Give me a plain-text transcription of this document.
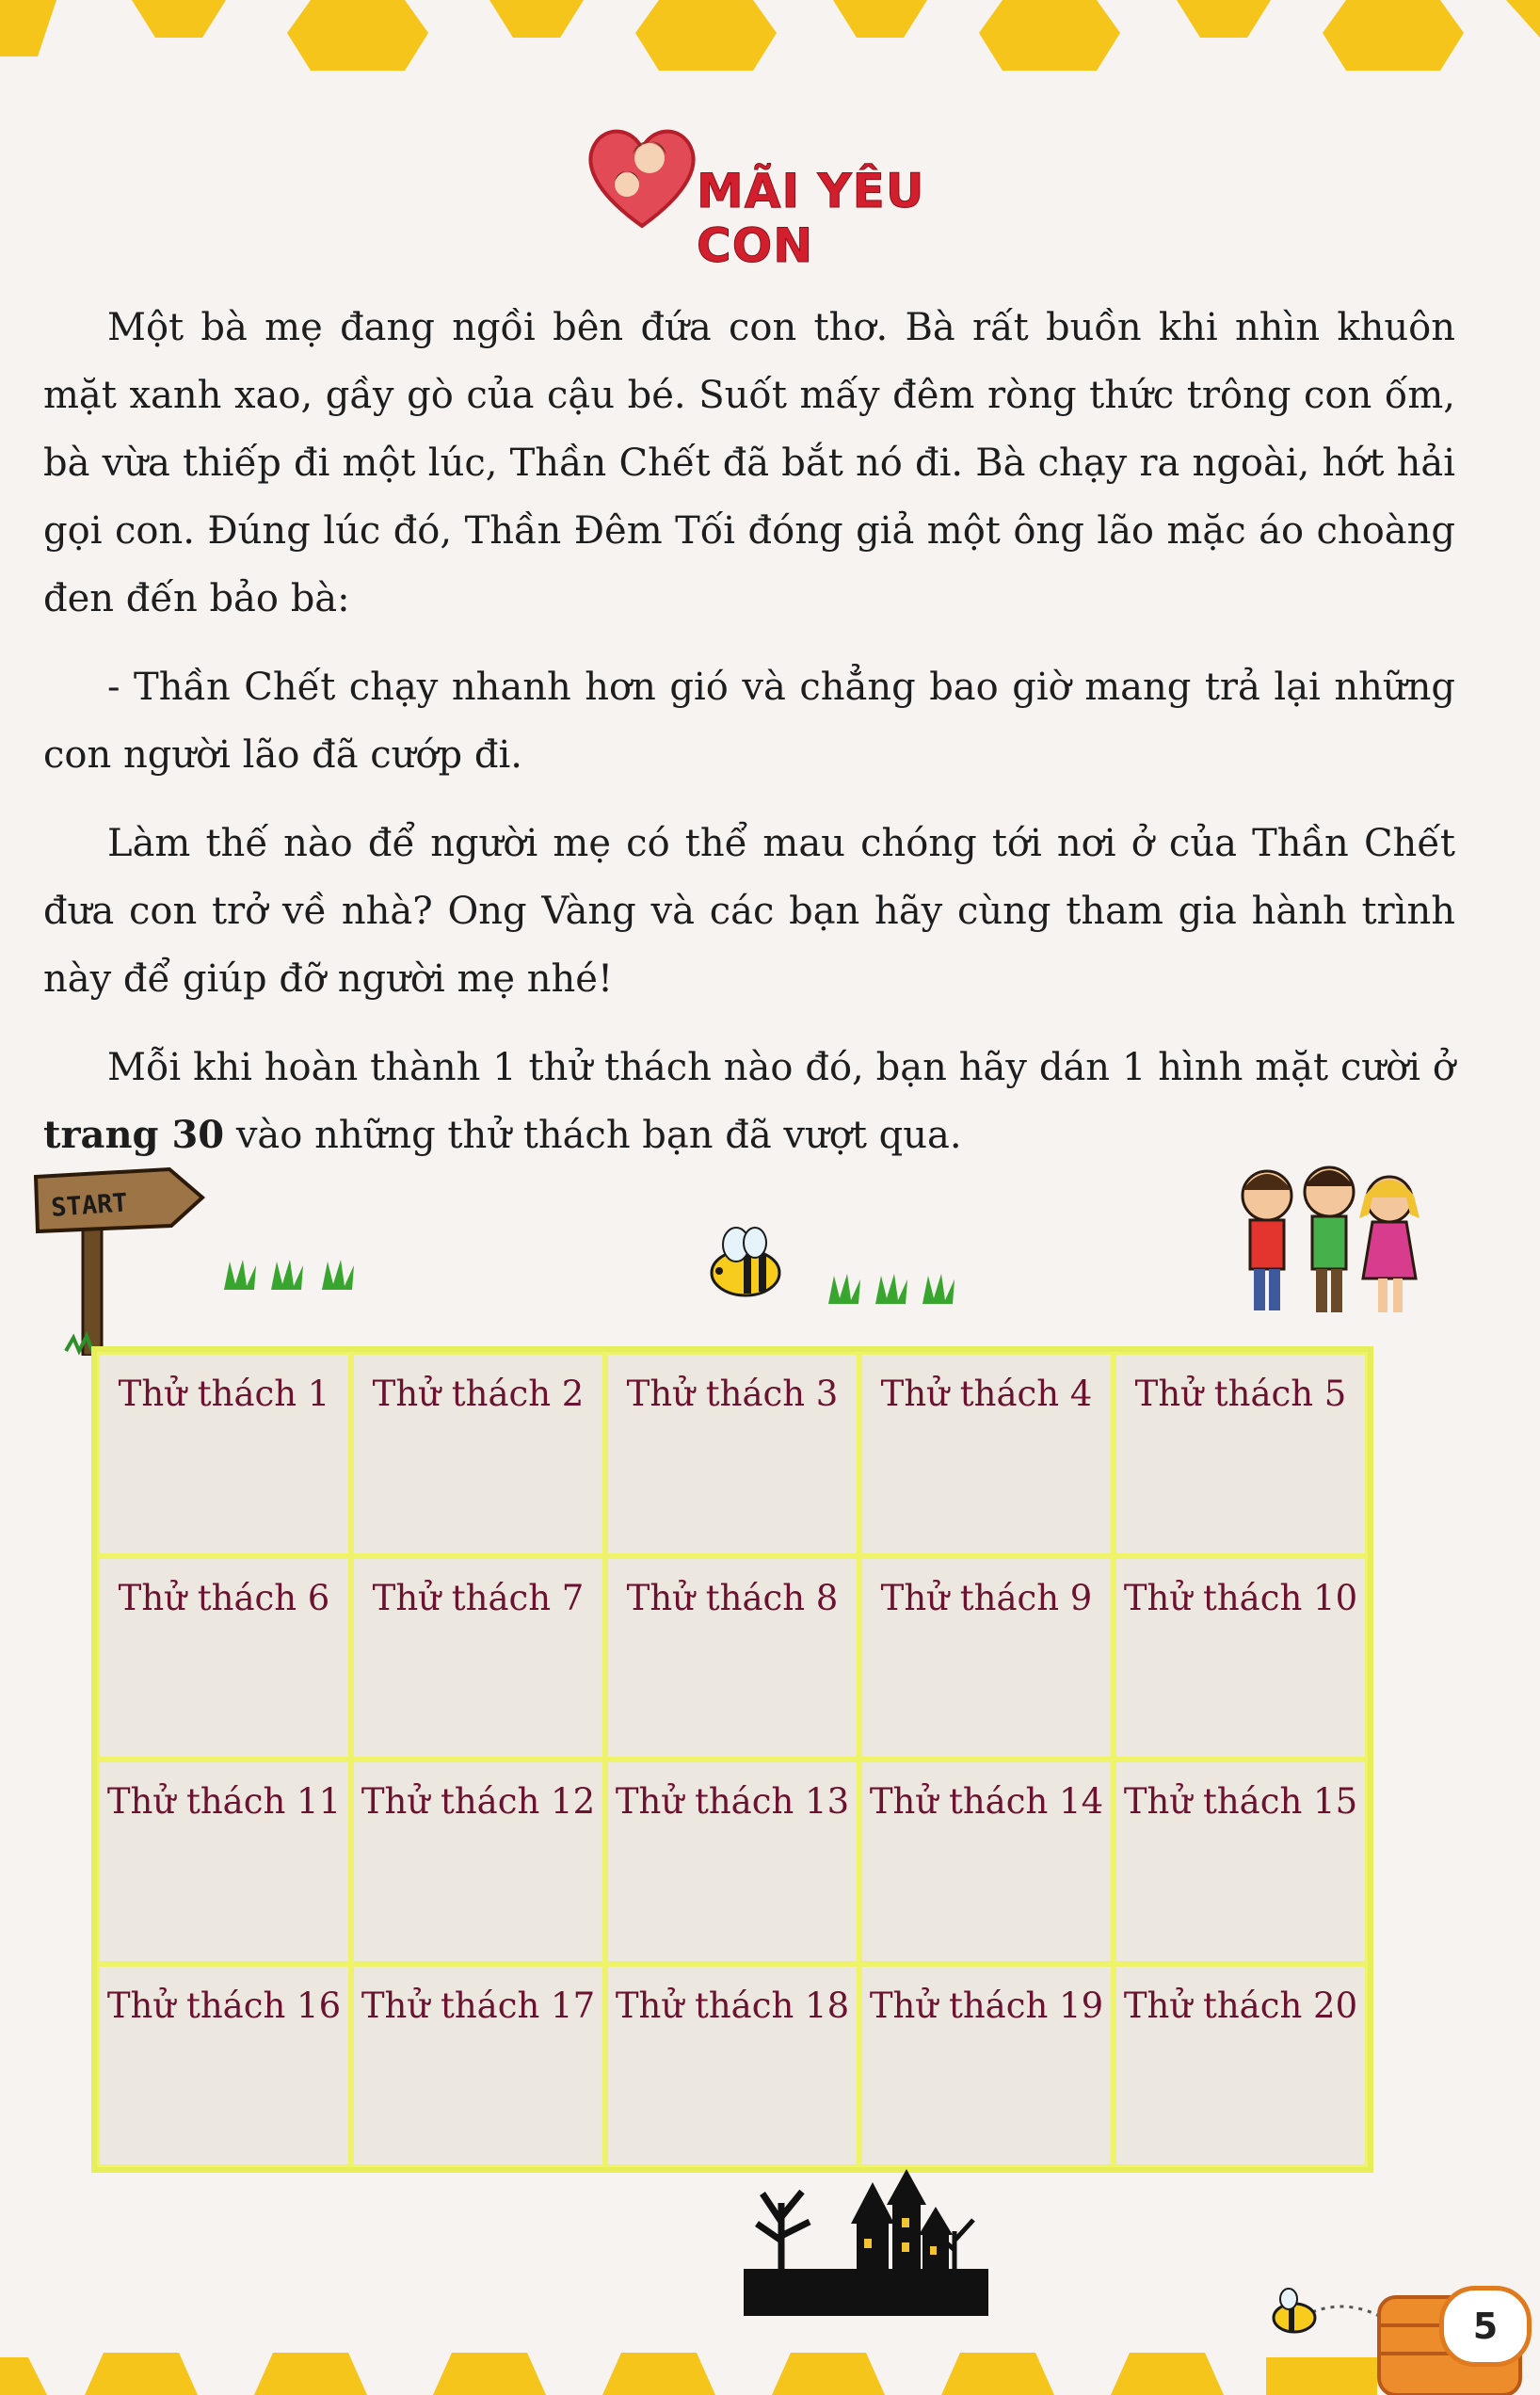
MÃI YÊU CON

Một bà mẹ đang ngồi bên đứa con thơ. Bà rất buồn khi nhìn khuôn mặt xanh xao, gầy gò của cậu bé. Suốt mấy đêm ròng thức trông con ốm, bà vừa thiếp đi một lúc, Thần Chết đã bắt nó đi. Bà chạy ra ngoài, hớt hải gọi con. Đúng lúc đó, Thần Đêm Tối đóng giả một ông lão mặc áo choàng đen đến bảo bà:

- Thần Chết chạy nhanh hơn gió và chẳng bao giờ mang trả lại những con người lão đã cướp đi.

Làm thế nào để người mẹ có thể mau chóng tới nơi ở của Thần Chết đưa con trở về nhà? Ong Vàng và các bạn hãy cùng tham gia hành trình này để giúp đỡ người mẹ nhé!

Mỗi khi hoàn thành 1 thử thách nào đó, bạn hãy dán 1 hình mặt cười ở trang 30 vào những thử thách bạn đã vượt qua.

START
Thử thách 1	Thử thách 2	Thử thách 3	Thử thách 4	Thử thách 5
Thử thách 6	Thử thách 7	Thử thách 8	Thử thách 9 Thử thách 10
Thử thách 11 Thử thách 12 Thử thách 13 Thử thách 14 Thử thách 15
Thử thách 16 Thử thách 17 Thử thách 18 Thử thách 19 Thử thách 20
5
